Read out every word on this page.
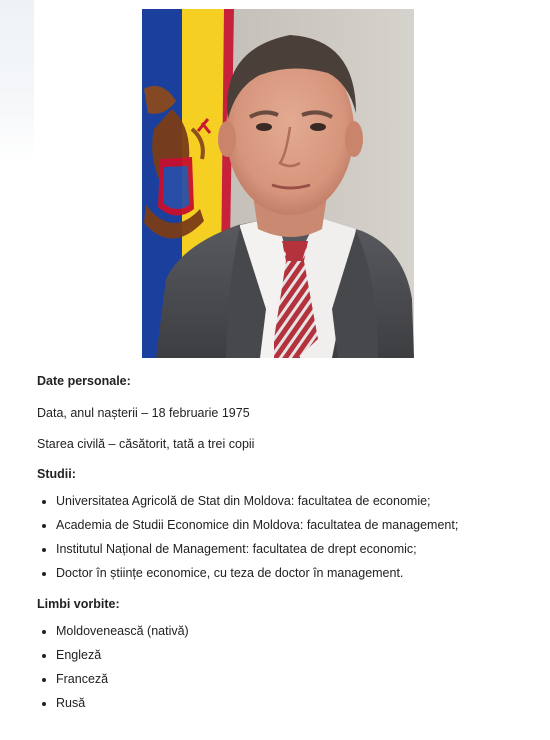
Date personale:

Data, anul nașterii – 18 februarie 1975

Starea civilă – căsătorit, tată a trei copii

Studii:

Universitatea Agricolă de Stat din Moldova: facultatea de economie;
Academia de Studii Economice din Moldova: facultatea de management;
Institutul Național de Management: facultatea de drept economic;
Doctor în științe economice, cu teza de doctor în management.

Limbi vorbite:

Moldovenească (nativă)
Engleză
Franceză
Rusă
